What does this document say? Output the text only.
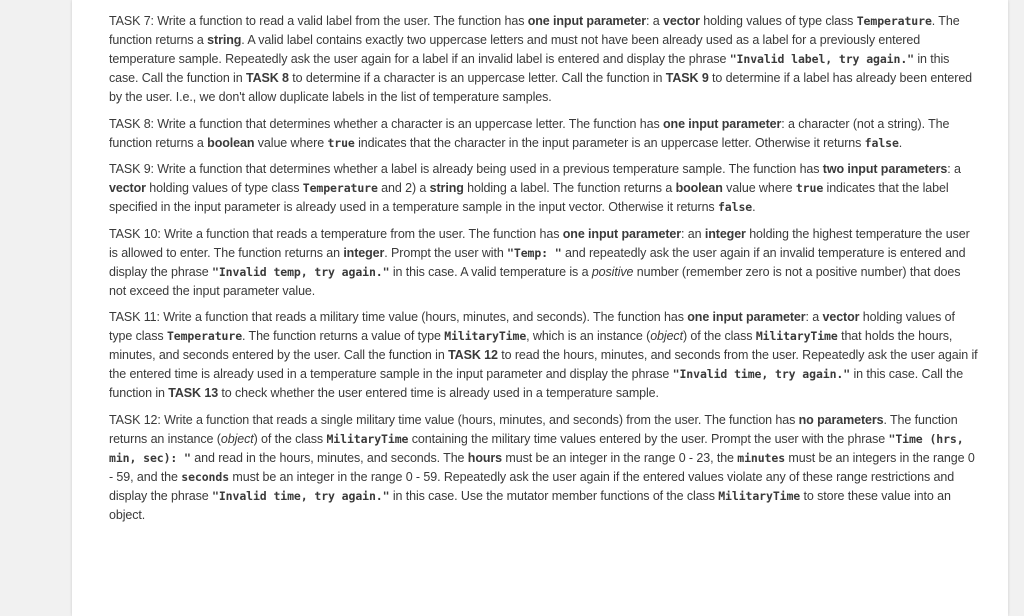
TASK 7: Write a function to read a valid label from the user. The function has one input parameter: a vector holding values of type class Temperature. The function returns a string. A valid label contains exactly two uppercase letters and must not have been already used as a label for a previously entered temperature sample. Repeatedly ask the user again for a label if an invalid label is entered and display the phrase "Invalid label, try again." in this case. Call the function in TASK 8 to determine if a character is an uppercase letter. Call the function in TASK 9 to determine if a label has already been entered by the user. I.e., we don't allow duplicate labels in the list of temperature samples.

TASK 8: Write a function that determines whether a character is an uppercase letter. The function has one input parameter: a character (not a string). The function returns a boolean value where true indicates that the character in the input parameter is an uppercase letter. Otherwise it returns false.

TASK 9: Write a function that determines whether a label is already being used in a previous temperature sample. The function has two input parameters: a vector holding values of type class Temperature and 2) a string holding a label. The function returns a boolean value where true indicates that the label specified in the input parameter is already used in a temperature sample in the input vector. Otherwise it returns false.

TASK 10: Write a function that reads a temperature from the user. The function has one input parameter: an integer holding the highest temperature the user is allowed to enter. The function returns an integer. Prompt the user with "Temp: " and repeatedly ask the user again if an invalid temperature is entered and display the phrase "Invalid temp, try again." in this case. A valid temperature is a positive number (remember zero is not a positive number) that does not exceed the input parameter value.

TASK 11: Write a function that reads a military time value (hours, minutes, and seconds). The function has one input parameter: a vector holding values of type class Temperature. The function returns a value of type MilitaryTime, which is an instance (object) of the class MilitaryTime that holds the hours, minutes, and seconds entered by the user. Call the function in TASK 12 to read the hours, minutes, and seconds from the user. Repeatedly ask the user again if the entered time is already used in a temperature sample in the input parameter and display the phrase "Invalid time, try again." in this case. Call the function in TASK 13 to check whether the user entered time is already used in a temperature sample.

TASK 12: Write a function that reads a single military time value (hours, minutes, and seconds) from the user. The function has no parameters. The function returns an instance (object) of the class MilitaryTime containing the military time values entered by the user. Prompt the user with the phrase "Time (hrs, min, sec): " and read in the hours, minutes, and seconds. The hours must be an integer in the range 0 - 23, the minutes must be an integers in the range 0 - 59, and the seconds must be an integer in the range 0 - 59. Repeatedly ask the user again if the entered values violate any of these range restrictions and display the phrase "Invalid time, try again." in this case. Use the mutator member functions of the class MilitaryTime to store these value into an object.
